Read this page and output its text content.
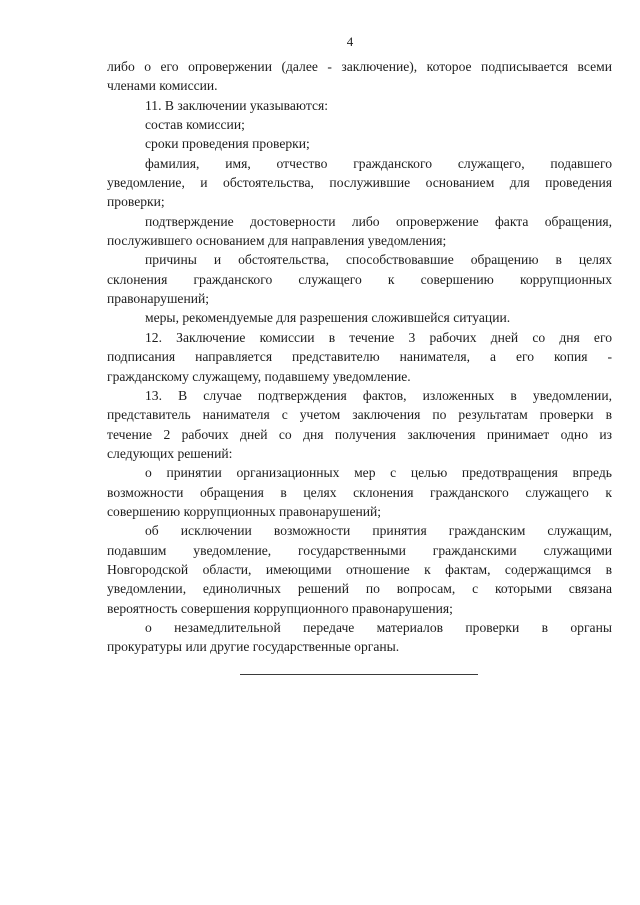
4
либо о его опровержении (далее - заключение), которое подписывается всеми
членами комиссии.
11. В заключении указываются:
состав комиссии;
сроки проведения проверки;
фамилия, имя, отчество гражданского служащего, подавшего
уведомление, и обстоятельства, послужившие основанием для проведения
проверки;
подтверждение достоверности либо опровержение факта обращения,
послужившего основанием для направления уведомления;
причины и обстоятельства, способствовавшие обращению в целях
склонения гражданского служащего к совершению коррупционных
правонарушений;
меры, рекомендуемые для разрешения сложившейся ситуации.
12. Заключение комиссии в течение 3 рабочих дней со дня его
подписания направляется представителю нанимателя, а его копия -
гражданскому служащему, подавшему уведомление.
13. В случае подтверждения фактов, изложенных в уведомлении,
представитель нанимателя с учетом заключения по результатам проверки в
течение 2 рабочих дней со дня получения заключения принимает одно из
следующих решений:
о принятии организационных мер с целью предотвращения впредь
возможности обращения в целях склонения гражданского служащего к
совершению коррупционных правонарушений;
об исключении возможности принятия гражданским служащим,
подавшим уведомление, государственными гражданскими служащими
Новгородской области, имеющими отношение к фактам, содержащимся в
уведомлении, единоличных решений по вопросам, с которыми связана
вероятность совершения коррупционного правонарушения;
о незамедлительной передаче материалов проверки в органы
прокуратуры или другие государственные органы.
